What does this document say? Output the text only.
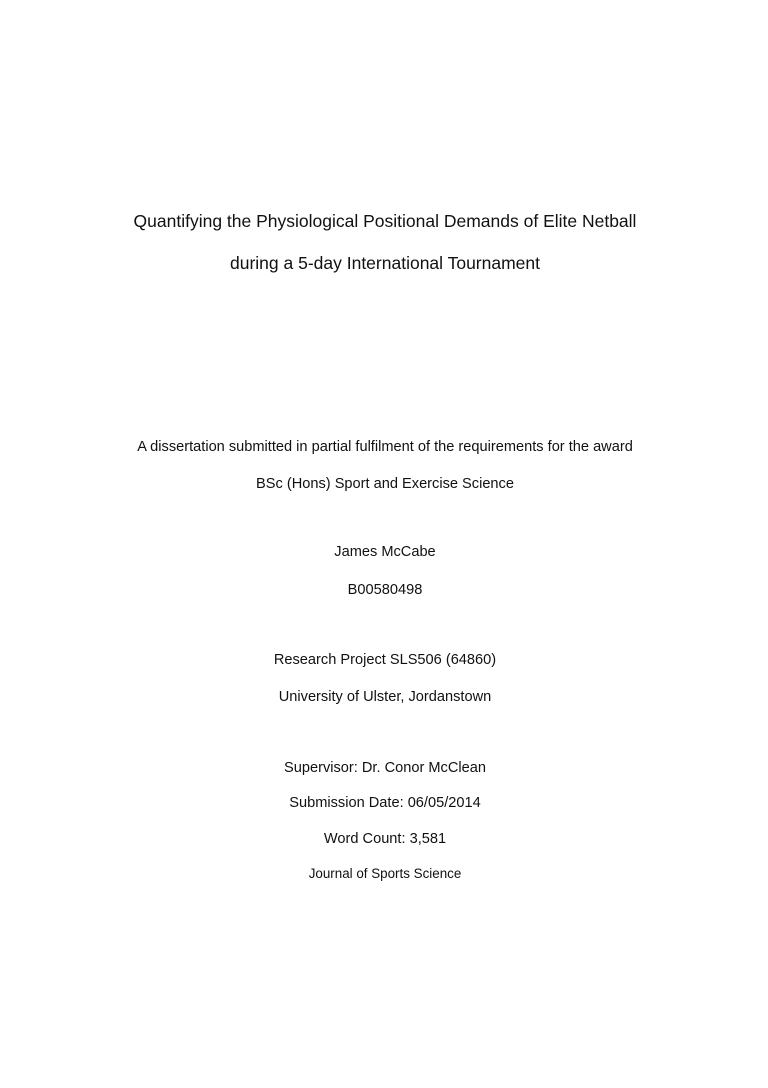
Quantifying the Physiological Positional Demands of Elite Netball
during a 5-day International Tournament
A dissertation submitted in partial fulfilment of the requirements for the award
BSc (Hons) Sport and Exercise Science
James McCabe
B00580498
Research Project SLS506 (64860)
University of Ulster, Jordanstown
Supervisor: Dr. Conor McClean
Submission Date: 06/05/2014
Word Count: 3,581
Journal of Sports Science
